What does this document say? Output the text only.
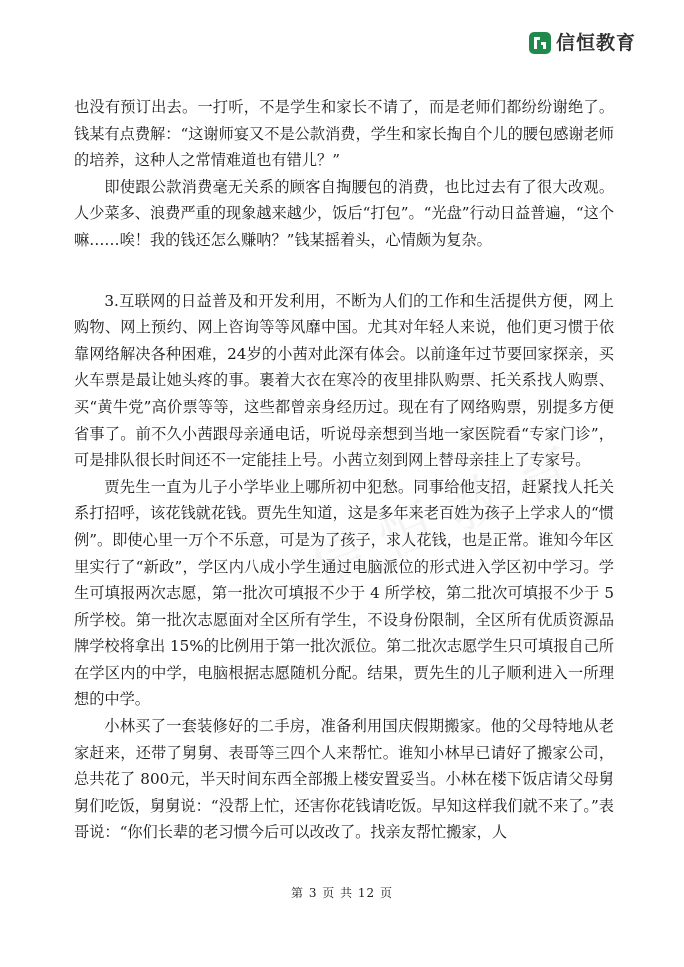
信恒教育

也没有预订出去。一打听，不是学生和家长不请了，而是老师们都纷纷谢绝了。钱某有点费解：“这谢师宴又不是公款消费，学生和家长掏自个儿的腰包感谢老师的培养，这种人之常情难道也有错儿？”

即使跟公款消费毫无关系的顾客自掏腰包的消费，也比过去有了很大改观。人少菜多、浪费严重的现象越来越少，饭后“打包”。“光盘”行动日益普遍，“这个嘛……唉！我的钱还怎么赚呐？”钱某摇着头，心情颇为复杂。

3.互联网的日益普及和开发利用，不断为人们的工作和生活提供方便，网上购物、网上预约、网上咨询等等风靡中国。尤其对年轻人来说，他们更习惯于依靠网络解决各种困难，24岁的小茜对此深有体会。以前逢年过节要回家探亲，买火车票是最让她头疼的事。裹着大衣在寒冷的夜里排队购票、托关系找人购票、买“黄牛党”高价票等等，这些都曾亲身经历过。现在有了网络购票，别提多方便省事了。前不久小茜跟母亲通电话，听说母亲想到当地一家医院看“专家门诊”，可是排队很长时间还不一定能挂上号。小茜立刻到网上替母亲挂上了专家号。

贾先生一直为儿子小学毕业上哪所初中犯愁。同事给他支招，赶紧找人托关系打招呼，该花钱就花钱。贾先生知道，这是多年来老百姓为孩子上学求人的“惯例”。即使心里一万个不乐意，可是为了孩子，求人花钱，也是正常。谁知今年区里实行了“新政”，学区内八成小学生通过电脑派位的形式进入学区初中学习。学生可填报两次志愿，第一批次可填报不少于 4 所学校，第二批次可填报不少于 5 所学校。第一批次志愿面对全区所有学生，不设身份限制，全区所有优质资源品牌学校将拿出 15%的比例用于第一批次派位。第二批次志愿学生只可填报自己所在学区内的中学，电脑根据志愿随机分配。结果，贾先生的儿子顺利进入一所理想的中学。

小林买了一套装修好的二手房，准备利用国庆假期搬家。他的父母特地从老家赶来，还带了舅舅、表哥等三四个人来帮忙。谁知小林早已请好了搬家公司，总共花了 800元，半天时间东西全部搬上楼安置妥当。小林在楼下饭店请父母舅舅们吃饭，舅舅说：“没帮上忙，还害你花钱请吃饭。早知这样我们就不来了。”表哥说：“你们长辈的老习惯今后可以改改了。找亲友帮忙搬家，人

第 3 页 共 12 页
